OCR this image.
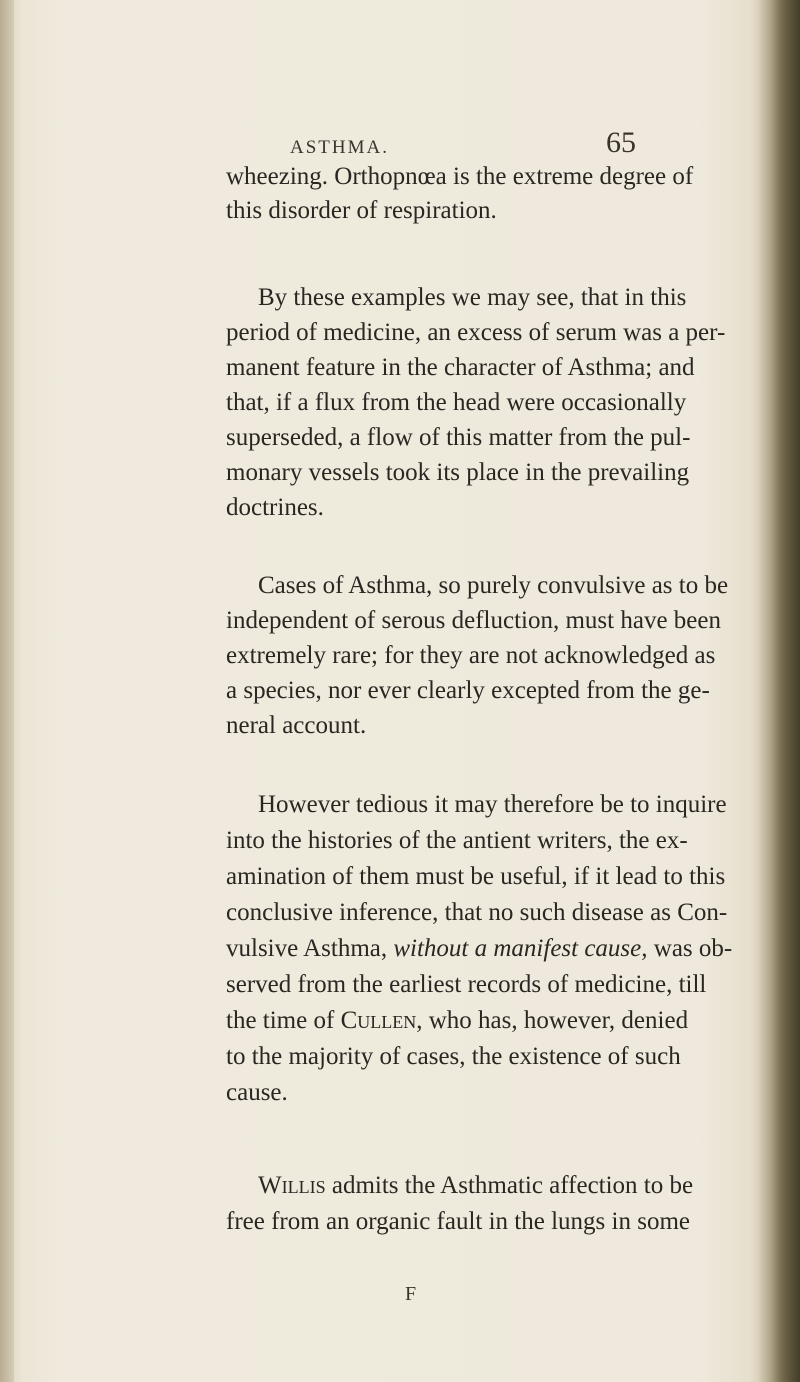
ASTHMA.	65
wheezing. Orthopnœa is the extreme degree of
this disorder of respiration.
By these examples we may see, that in this
period of medicine, an excess of serum was a per-
manent feature in the character of Asthma; and
that, if a flux from the head were occasionally
superseded, a flow of this matter from the pul-
monary vessels took its place in the prevailing
doctrines.
Cases of Asthma, so purely convulsive as to be
independent of serous defluction, must have been
extremely rare; for they are not acknowledged as
a species, nor ever clearly excepted from the ge-
neral account.
However tedious it may therefore be to inquire
into the histories of the antient writers, the ex-
amination of them must be useful, if it lead to this
conclusive inference, that no such disease as Con-
vulsive Asthma, without a manifest cause, was ob-
served from the earliest records of medicine, till
the time of Cullen, who has, however, denied
to the majority of cases, the existence of such
cause.
Willis admits the Asthmatic affection to be
free from an organic fault in the lungs in some
F
